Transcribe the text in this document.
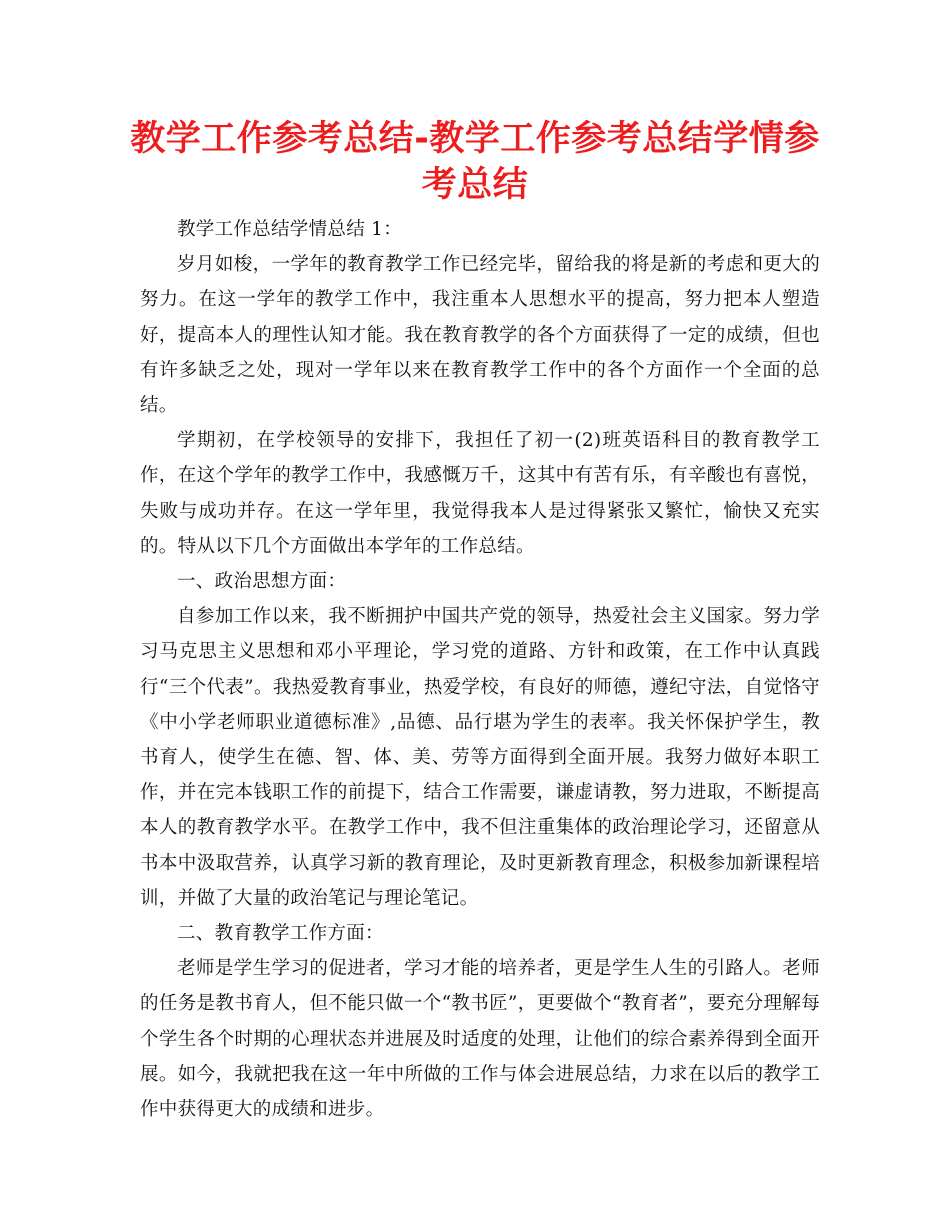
教学工作参考总结-教学工作参考总结学情参考总结

教学工作总结学情总结 1：

岁月如梭，一学年的教育教学工作已经完毕，留给我的将是新的考虑和更大的努力。在这一学年的教学工作中，我注重本人思想水平的提高，努力把本人塑造好，提高本人的理性认知才能。我在教育教学的各个方面获得了一定的成绩，但也有许多缺乏之处，现对一学年以来在教育教学工作中的各个方面作一个全面的总结。

学期初，在学校领导的安排下，我担任了初一(2)班英语科目的教育教学工作，在这个学年的教学工作中，我感慨万千，这其中有苦有乐，有辛酸也有喜悦，失败与成功并存。在这一学年里，我觉得我本人是过得紧张又繁忙，愉快又充实的。特从以下几个方面做出本学年的工作总结。

一、政治思想方面：

自参加工作以来，我不断拥护中国共产党的领导，热爱社会主义国家。努力学习马克思主义思想和邓小平理论，学习党的道路、方针和政策，在工作中认真践行“三个代表”。我热爱教育事业，热爱学校，有良好的师德，遵纪守法，自觉恪守《中小学老师职业道德标准》,品德、品行堪为学生的表率。我关怀保护学生，教书育人，使学生在德、智、体、美、劳等方面得到全面开展。我努力做好本职工作，并在完本钱职工作的前提下，结合工作需要，谦虚请教，努力进取，不断提高本人的教育教学水平。在教学工作中，我不但注重集体的政治理论学习，还留意从书本中汲取营养，认真学习新的教育理论，及时更新教育理念，积极参加新课程培训，并做了大量的政治笔记与理论笔记。

二、教育教学工作方面：

老师是学生学习的促进者，学习才能的培养者，更是学生人生的引路人。老师的任务是教书育人，但不能只做一个“教书匠”，更要做个“教育者”，要充分理解每个学生各个时期的心理状态并进展及时适度的处理，让他们的综合素养得到全面开展。如今，我就把我在这一年中所做的工作与体会进展总结，力求在以后的教学工作中获得更大的成绩和进步。
